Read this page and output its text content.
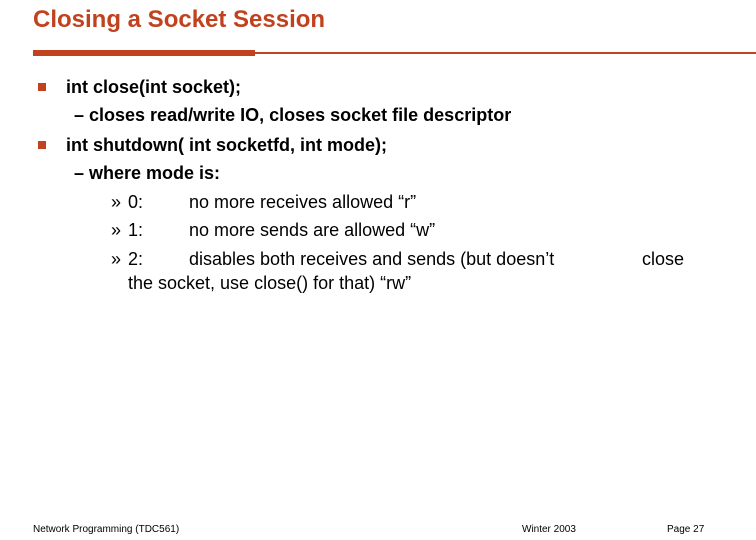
Closing a Socket Session
int close(int socket);
– closes read/write IO, closes socket file descriptor
int shutdown( int socketfd, int mode);
– where mode is:
» 0:	no more receives allowed “r”
» 1:	no more sends are allowed “w”
» 2:	disables both receives and sends (but doesn’t	close
the socket, use close() for that) “rw”
Network Programming (TDC561)	Winter 2003	Page 27
